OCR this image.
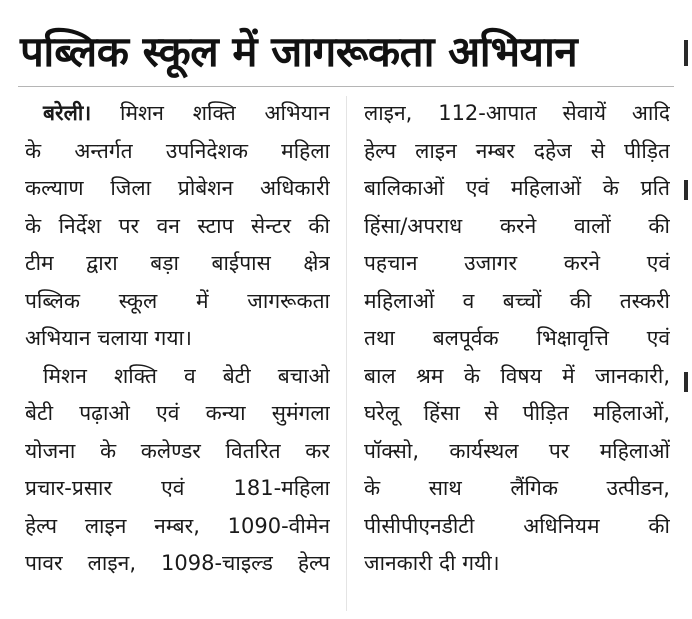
पब्लिक स्कूल में जागरूकता अभियान
बरेली। मिशन शक्ति अभियान
के अन्तर्गत उपनिदेशक महिला
कल्याण जिला प्रोबेशन अधिकारी
के निर्देश पर वन स्टाप सेन्टर की
टीम द्वारा बड़ा बाईपास क्षेत्र
पब्लिक स्कूल में जागरूकता
अभियान चलाया गया।
मिशन शक्ति व बेटी बचाओ
बेटी पढ़ाओ एवं कन्या सुमंगला
योजना के कलेण्डर वितरित कर
प्रचार-प्रसार एवं 181-महिला
हेल्प लाइन नम्बर, 1090-वीमेन
पावर लाइन, 1098-चाइल्ड हेल्प
लाइन, 112-आपात सेवायें आदि
हेल्प लाइन नम्बर दहेज से पीड़ित
बालिकाओं एवं महिलाओं के प्रति
हिंसा/अपराध करने वालों की
पहचान उजागर करने एवं
महिलाओं व बच्चों की तस्करी
तथा बलपूर्वक भिक्षावृत्ति एवं
बाल श्रम के विषय में जानकारी,
घरेलू हिंसा से पीड़ित महिलाओं,
पॉक्सो, कार्यस्थल पर महिलाओं
के साथ लैंगिक उत्पीडन,
पीसीपीएनडीटी अधिनियम की
जानकारी दी गयी।
